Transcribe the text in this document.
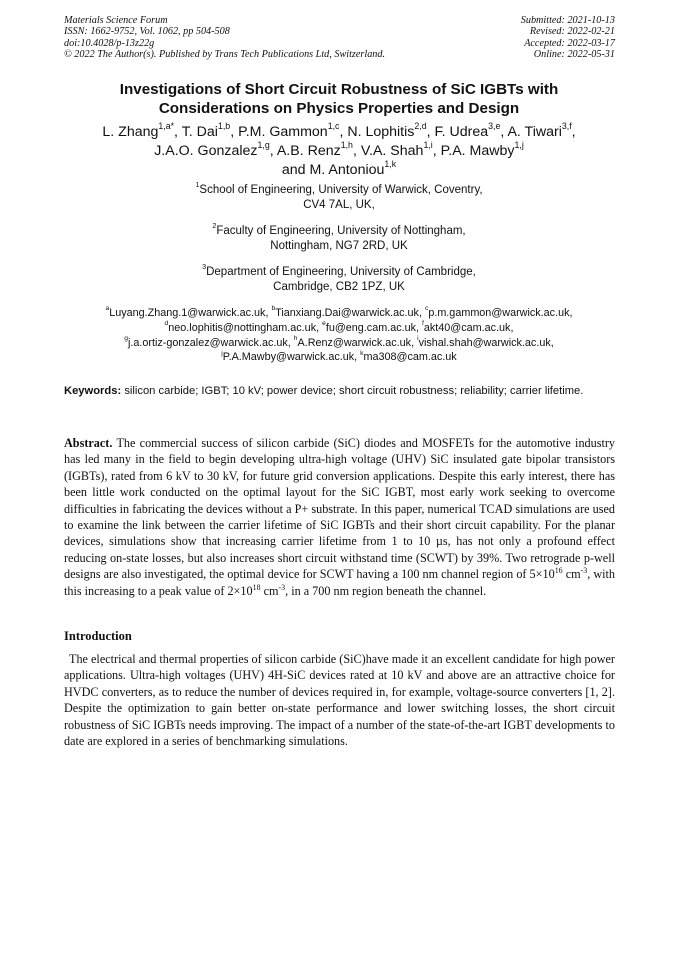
Materials Science Forum
ISSN: 1662-9752, Vol. 1062, pp 504-508
doi:10.4028/p-13z22g
© 2022 The Author(s). Published by Trans Tech Publications Ltd, Switzerland.
Submitted: 2021-10-13
Revised: 2022-02-21
Accepted: 2022-03-17
Online: 2022-05-31
Investigations of Short Circuit Robustness of SiC IGBTs with
Considerations on Physics Properties and Design
L. Zhang$^{1,a*}$, T. Dai$^{1,b}$, P.M. Gammon$^{1,c}$, N. Lophitis$^{2,d}$, F. Udrea$^{3,e}$, A. Tiwari$^{3,f}$,
J.A.O. Gonzalez$^{1,g}$, A.B. Renz$^{1,h}$, V.A. Shah$^{1,i}$, P.A. Mawby$^{1,j}$
and M. Antoniou$^{1,k}$
$^1$School of Engineering, University of Warwick, Coventry,
CV4 7AL, UK,
$^2$Faculty of Engineering, University of Nottingham,
Nottingham, NG7 2RD, UK
$^3$Department of Engineering, University of Cambridge,
Cambridge, CB2 1PZ, UK
$^a$Luyang.Zhang.1@warwick.ac.uk, $^b$Tianxiang.Dai@warwick.ac.uk, $^c$p.m.gammon@warwick.ac.uk,
$^d$neo.lophitis@nottingham.ac.uk, $^e$fu@eng.cam.ac.uk, $^f$akt40@cam.ac.uk,
$^g$j.a.ortiz-gonzalez@warwick.ac.uk, $^h$A.Renz@warwick.ac.uk, $^i$vishal.shah@warwick.ac.uk,
$^j$P.A.Mawby@warwick.ac.uk, $^k$ma308@cam.ac.uk
Keywords: silicon carbide; IGBT; 10 kV; power device; short circuit robustness; reliability; carrier lifetime.
Abstract. The commercial success of silicon carbide (SiC) diodes and MOSFETs for the automotive industry has led many in the field to begin developing ultra-high voltage (UHV) SiC insulated gate bipolar transistors (IGBTs), rated from 6 kV to 30 kV, for future grid conversion applications. Despite this early interest, there has been little work conducted on the optimal layout for the SiC IGBT, most early work seeking to overcome difficulties in fabricating the devices without a P+ substrate. In this paper, numerical TCAD simulations are used to examine the link between the carrier lifetime of SiC IGBTs and their short circuit capability. For the planar devices, simulations show that increasing carrier lifetime from 1 to 10 µs, has not only a profound effect reducing on-state losses, but also increases short circuit withstand time (SCWT) by 39%. Two retrograde p-well designs are also investigated, the optimal device for SCWT having a 100 nm channel region of $5\times 10^{16}$ $cm^{-3}$, with this increasing to a peak value of $2\times 10^{18}$ $cm^{-3}$, in a 700 nm region beneath the channel.
Introduction
The electrical and thermal properties of silicon carbide (SiC)have made it an excellent candidate for high power applications. Ultra-high voltages (UHV) 4H-SiC devices rated at 10 kV and above are an attractive choice for HVDC converters, as to reduce the number of devices required in, for example, voltage-source converters [1, 2]. Despite the optimization to gain better on-state performance and lower switching losses, the short circuit robustness of SiC IGBTs needs improving. The impact of a number of the state-of-the-art IGBT developments to date are explored in a series of benchmarking simulations.
